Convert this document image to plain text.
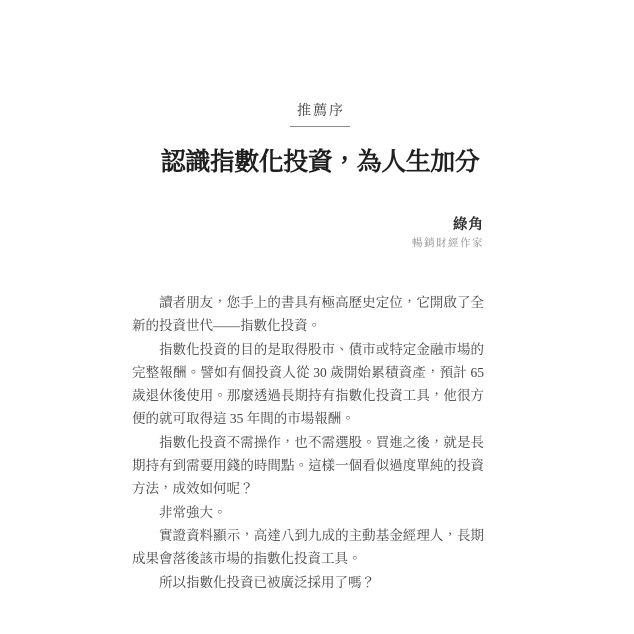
推薦序
認識指數化投資，為人生加分
綠角
暢銷財經作家

讀者朋友，您手上的書具有極高歷史定位，它開啟了全新的投資世代——指數化投資。

指數化投資的目的是取得股市、債市或特定金融市場的完整報酬。譬如有個投資人從 30 歲開始累積資產，預計 65 歲退休後使用。那麼透過長期持有指數化投資工具，他很方便的就可取得這 35 年間的市場報酬。

指數化投資不需操作，也不需選股。買進之後，就是長期持有到需要用錢的時間點。這樣一個看似過度單純的投資方法，成效如何呢？

非常強大。

實證資料顯示，高達八到九成的主動基金經理人，長期成果會落後該市場的指數化投資工具。

所以指數化投資已被廣泛採用了嗎？
